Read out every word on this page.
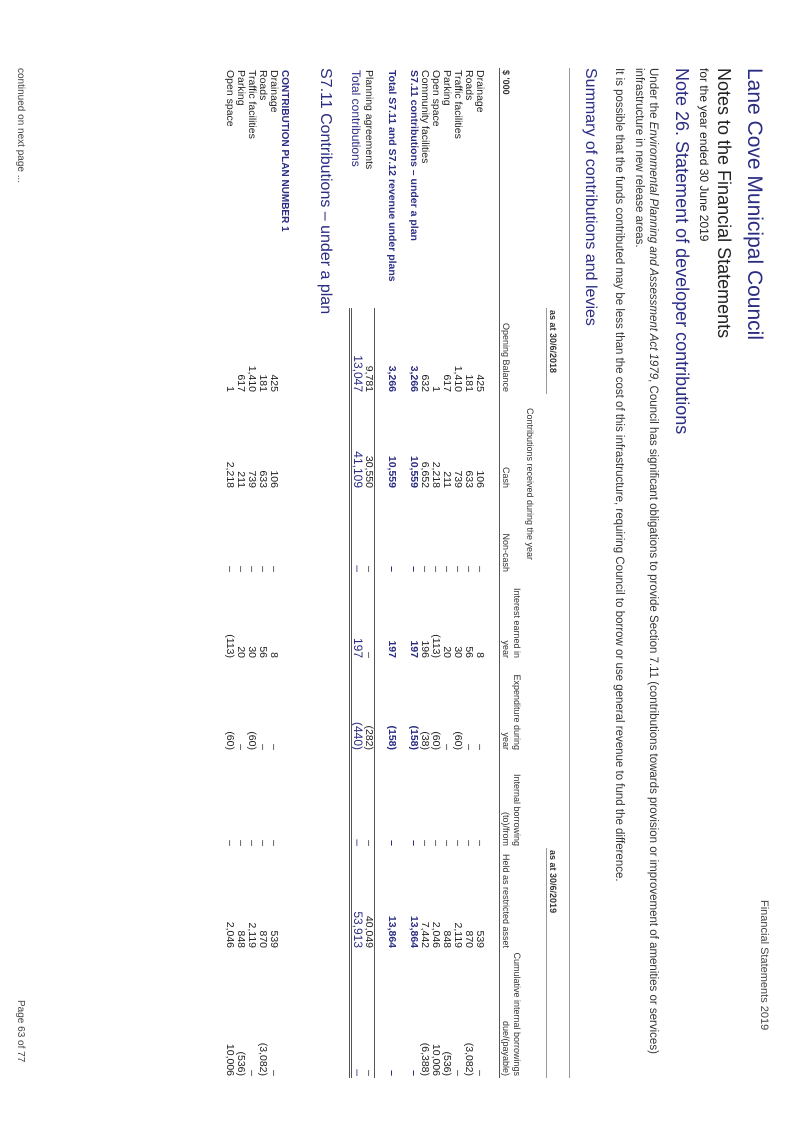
Lane Cove Municipal Council
Financial Statements 2019
Notes to the Financial Statements
for the year ended 30 June 2019
Note 26. Statement of developer contributions
Under the Environmental Planning and Assessment Act 1979, Council has significant obligations to provide Section 7.11 (contributions towards provision or improvement of amenities or services) infrastructure in new release areas.
It is possible that the funds contributed may be less than the cost of this infrastructure, requiring Council to borrow or use general revenue to fund the difference.
Summary of contributions and levies
	as at 30/6/2018						as at 30/6/2019	

		Contributions received during the year						
$ '000	Opening Balance	Cash	Non-cash	Interest earned in year	Expenditure during year	Internal borrowing (to)/from	Held as restricted asset	Cumulative internal borrowings due/(payable)

Drainage	425	106	–	8	–	–	539	–
Roads	181	633	–	56	–	–	870	(3,082)
Traffic facilities	1,410	739	–	30	(60)	–	2,119	–
Parking	617	211	–	20	–	–	848	(536)
Open space	1	2,218	–	(113)	(60)	–	2,046	10,006
Community facilities	632	6,652	–	196	(38)	–	7,442	(6,388)
S7.11 contributions – under a plan	3,266	10,559	–	197	(158)	–	13,864	–

Total S7.11 and S7.12 revenue under plans	3,266	10,559	–	197	(158)	–	13,864	–

Planning agreements	9,781	30,550	–	–	(282)	–	40,049	–
Total contributions	13,047	41,109	–	197	(440)	–	53,913	–

CONTRIBUTION PLAN NUMBER 1								
Drainage	425	106	–	8	–	–	539	–
Roads	181	633	–	56	–	–	870	(3,082)
Traffic facilities	1,410	739	–	30	(60)	–	2,119	–
Parking	617	211	–	20	–	–	848	(536)
Open space	1	2,218	–	(113)	(60)	–	2,046	10,006
S7.11 Contributions – under a plan
continued on next page ...
Page 63 of 77
